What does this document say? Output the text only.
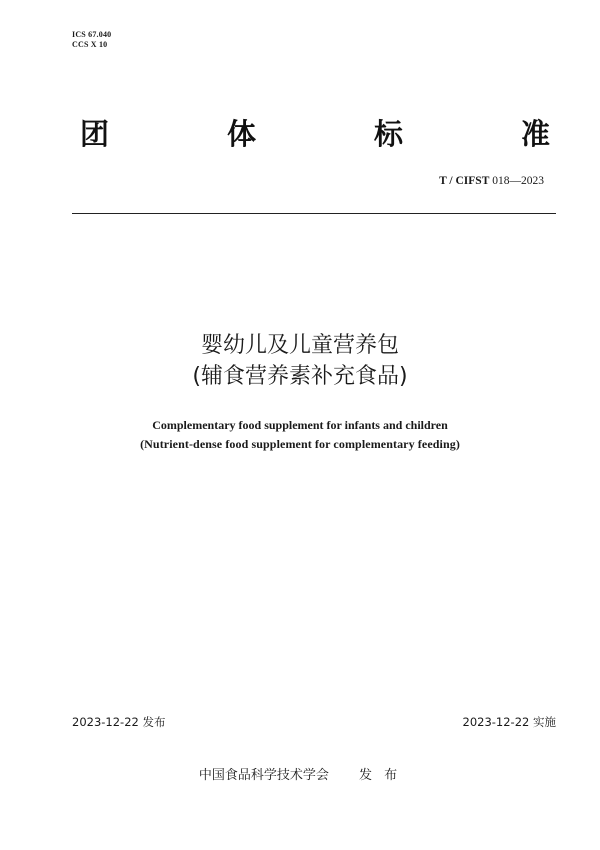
ICS 67.040
CCS X 10
团	体	标	准
T / CIFST 018—2023
婴幼儿及儿童营养包
(辅食营养素补充食品)
Complementary food supplement for infants and children
(Nutrient-dense food supplement for complementary feeding)
2023-12-22 发布	2023-12-22 实施
中国食品科学技术学会 发 布
